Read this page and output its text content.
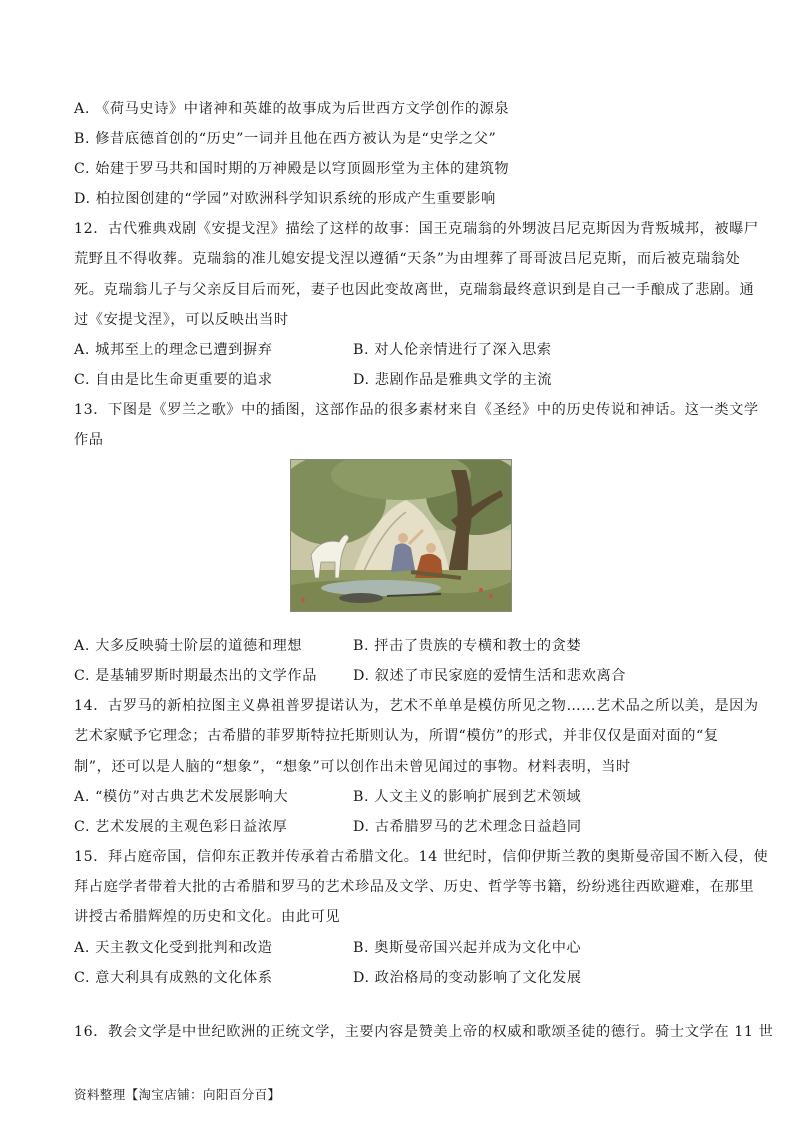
A. 《荷马史诗》中诸神和英雄的故事成为后世西方文学创作的源泉
B. 修昔底德首创的“历史”一词并且他在西方被认为是“史学之父”
C. 始建于罗马共和国时期的万神殿是以穹顶圆形堂为主体的建筑物
D. 柏拉图创建的“学园”对欧洲科学知识系统的形成产生重要影响
12．古代雅典戏剧《安提戈涅》描绘了这样的故事：国王克瑞翁的外甥波吕尼克斯因为背叛城邦，被曝尸
荒野且不得收葬。克瑞翁的准儿媳安提戈涅以遵循“天条”为由埋葬了哥哥波吕尼克斯，而后被克瑞翁处
死。克瑞翁儿子与父亲反目后而死，妻子也因此变故离世，克瑞翁最终意识到是自己一手酿成了悲剧。通
过《安提戈涅》，可以反映出当时
A. 城邦至上的理念已遭到摒弃	B. 对人伦亲情进行了深入思索
C. 自由是比生命更重要的追求	D. 悲剧作品是雅典文学的主流
13．下图是《罗兰之歌》中的插图，这部作品的很多素材来自《圣经》中的历史传说和神话。这一类文学
作品
A. 大多反映骑士阶层的道德和理想	B. 抨击了贵族的专横和教士的贪婪
C. 是基辅罗斯时期最杰出的文学作品	D. 叙述了市民家庭的爱情生活和悲欢离合
14．古罗马的新柏拉图主义鼻祖普罗提诺认为，艺术不单单是模仿所见之物……艺术品之所以美，是因为
艺术家赋予它理念；古希腊的菲罗斯特拉托斯则认为，所谓“模仿”的形式，并非仅仅是面对面的“复
制”，还可以是人脑的“想象”，“想象”可以创作出未曾见闻过的事物。材料表明，当时
A. “模仿”对古典艺术发展影响大	B. 人文主义的影响扩展到艺术领域
C. 艺术发展的主观色彩日益浓厚	D. 古希腊罗马的艺术理念日益趋同
15．拜占庭帝国，信仰东正教并传承着古希腊文化。14 世纪时，信仰伊斯兰教的奥斯曼帝国不断入侵，使
拜占庭学者带着大批的古希腊和罗马的艺术珍品及文学、历史、哲学等书籍，纷纷逃往西欧避难，在那里
讲授古希腊辉煌的历史和文化。由此可见
A. 天主教文化受到批判和改造	B. 奥斯曼帝国兴起并成为文化中心
C. 意大利具有成熟的文化体系	D. 政治格局的变动影响了文化发展
16．教会文学是中世纪欧洲的正统文学，主要内容是赞美上帝的权威和歌颂圣徒的德行。骑士文学在 11 世
资料整理【淘宝店铺：向阳百分百】
